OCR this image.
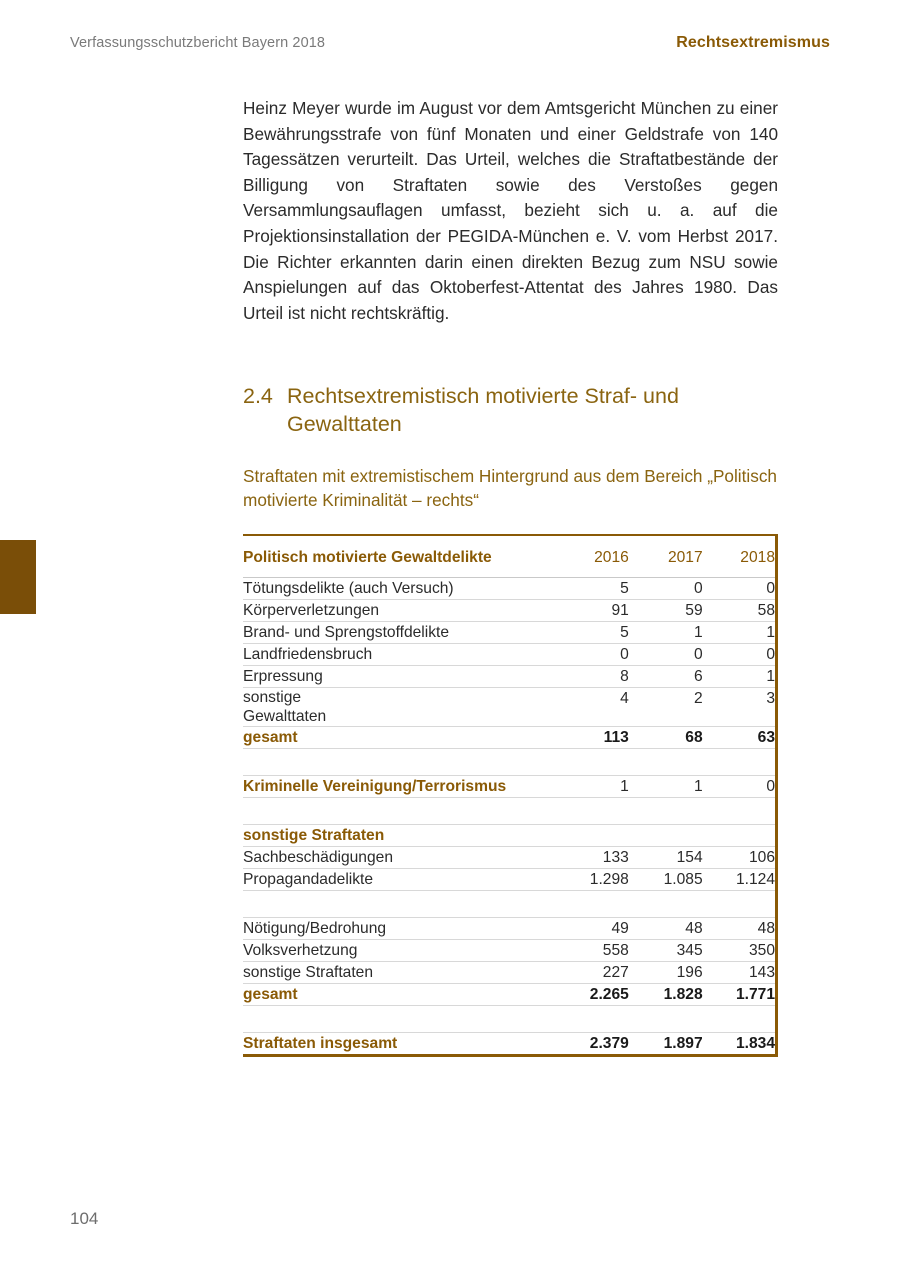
Verfassungsschutzbericht Bayern 2018	Rechtsextremismus

Heinz Meyer wurde im August vor dem Amtsgericht München zu einer Bewährungsstrafe von fünf Monaten und einer Geldstrafe von 140 Tagessätzen verurteilt. Das Urteil, welches die Straftatbestände der Billigung von Straftaten sowie des Verstoßes gegen Versammlungsauflagen umfasst, bezieht sich u. a. auf die Projektionsinstallation der PEGIDA-München e. V. vom Herbst 2017. Die Richter erkannten darin einen direkten Bezug zum NSU sowie Anspielungen auf das Oktoberfest-Attentat des Jahres 1980. Das Urteil ist nicht rechtskräftig.

2.4 Rechtsextremistisch motivierte Straf- und Gewalttaten
Straftaten mit extremistischem Hintergrund aus dem Bereich „Politisch motivierte Kriminalität – rechts“
Politisch motivierte Gewaltdelikte	2016	2017	2018
Tötungsdelikte (auch Versuch)	5	0	0
Körperverletzungen	91	59	58
Brand- und Sprengstoffdelikte	5	1	1
Landfriedensbruch	0	0	0
Erpressung	8	6	1
sonstige
Gewalttaten	4	2	3
gesamt	113	68	63

Kriminelle Vereinigung/Terrorismus	1	1	0

sonstige Straftaten			
Sachbeschädigungen	133	154	106
Propagandadelikte	1.298	1.085	1.124

Nötigung/Bedrohung	49	48	48
Volksverhetzung	558	345	350
sonstige Straftaten	227	196	143
gesamt	2.265	1.828	1.771

Straftaten insgesamt	2.379	1.897	1.834
104
